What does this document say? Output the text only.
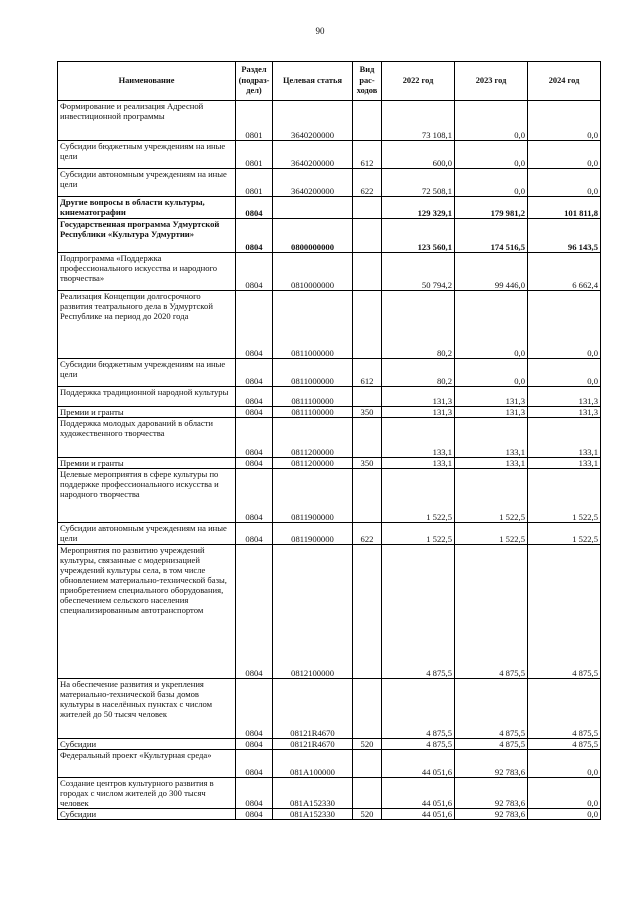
90
Наименование	Раздел (подраз-дел)	Целевая статья	Вид рас-ходов	2022 год	2023 год	2024 год
Формирование и реализация Адресной инвестиционной программы	0801	3640200000		73 108,1	0,0	0,0
Субсидии бюджетным учреждениям на иные цели	0801	3640200000	612	600,0	0,0	0,0
Субсидии автономным учреждениям на иные цели	0801	3640200000	622	72 508,1	0,0	0,0
Другие вопросы в области культуры, кинематографии	0804			129 329,1	179 981,2	101 811,8
Государственная программа Удмуртской Республики «Культура Удмуртии»	0804	0800000000		123 560,1	174 516,5	96 143,5
Подпрограмма «Поддержка профессионального искусства и народного творчества»	0804	0810000000		50 794,2	99 446,0	6 662,4
Реализация Концепции долгосрочного развития театрального дела в Удмуртской Республике на период до 2020 года	0804	0811000000		80,2	0,0	0,0
Субсидии бюджетным учреждениям на иные цели	0804	0811000000	612	80,2	0,0	0,0
Поддержка традиционной народной культуры	0804	0811100000		131,3	131,3	131,3
Премии и гранты	0804	0811100000	350	131,3	131,3	131,3
Поддержка молодых дарований в области художественного творчества	0804	0811200000		133,1	133,1	133,1
Премии и гранты	0804	0811200000	350	133,1	133,1	133,1
Целевые мероприятия в сфере культуры по поддержке профессионального искусства и народного творчества	0804	0811900000		1 522,5	1 522,5	1 522,5
Субсидии автономным учреждениям на иные цели	0804	0811900000	622	1 522,5	1 522,5	1 522,5
Мероприятия по развитию учреждений культуры, связанные с модернизацией учреждений культуры села, в том числе обновлением материально-технической базы, приобретением специального оборудования, обеспечением сельского населения специализированным автотранспортом	0804	0812100000		4 875,5	4 875,5	4 875,5
На обеспечение развития и укрепления материально-технической базы домов культуры в населённых пунктах с числом жителей до 50 тысяч человек	0804	08121R4670		4 875,5	4 875,5	4 875,5
Субсидии	0804	08121R4670	520	4 875,5	4 875,5	4 875,5
Федеральный проект «Культурная среда»	0804	081A100000		44 051,6	92 783,6	0,0
Создание центров культурного развития в городах с числом жителей до 300 тысяч человек	0804	081A152330		44 051,6	92 783,6	0,0
Субсидии	0804	081A152330	520	44 051,6	92 783,6	0,0
